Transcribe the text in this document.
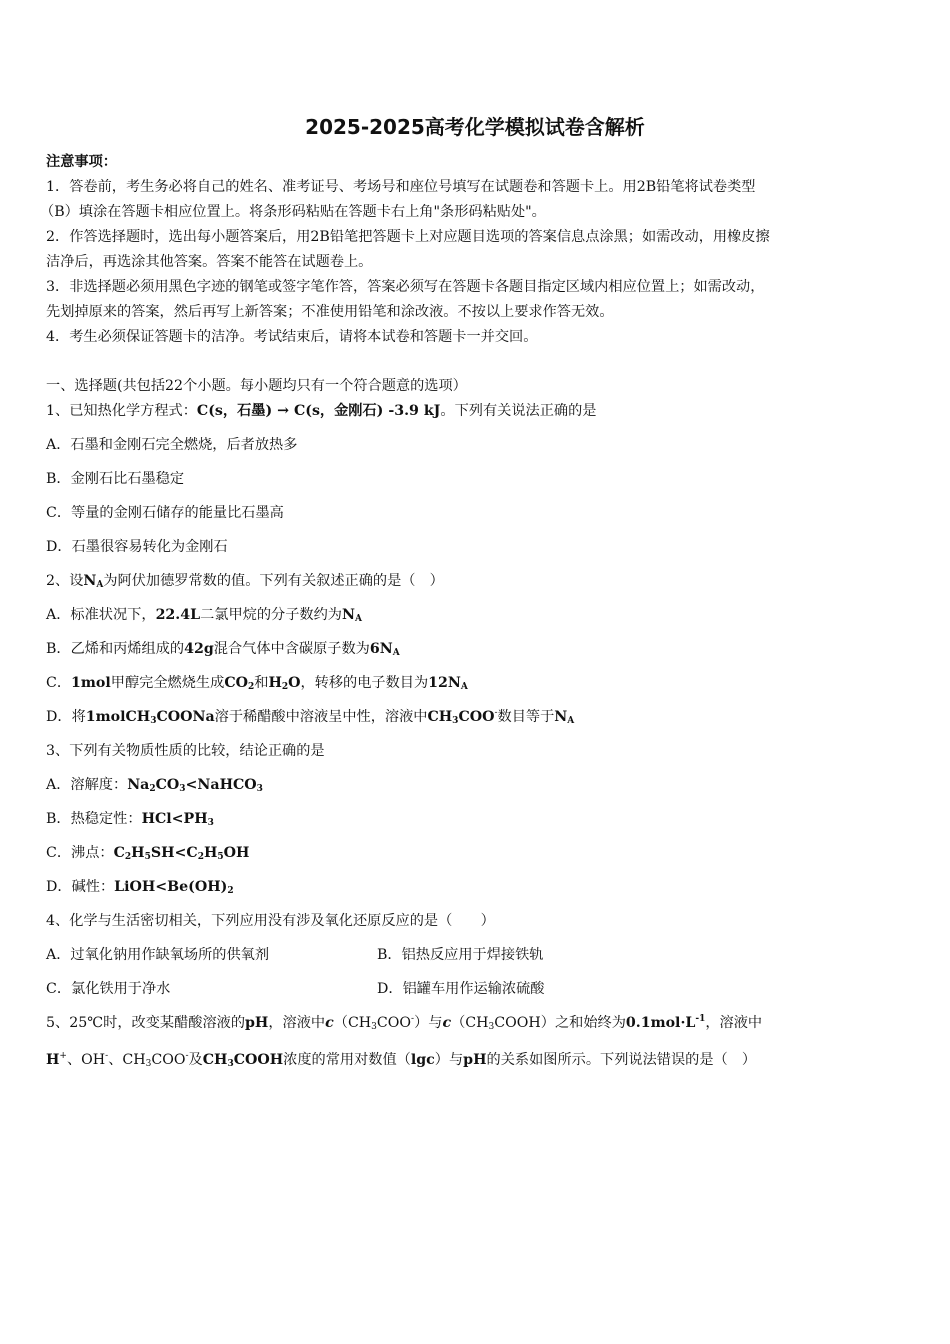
2025-2025高考化学模拟试卷含解析
注意事项：
1．答卷前，考生务必将自己的姓名、准考证号、考场号和座位号填写在试题卷和答题卡上。用2B铅笔将试卷类型
（B）填涂在答题卡相应位置上。将条形码粘贴在答题卡右上角"条形码粘贴处"。
2．作答选择题时，选出每小题答案后，用2B铅笔把答题卡上对应题目选项的答案信息点涂黑；如需改动，用橡皮擦
洁净后，再选涂其他答案。答案不能答在试题卷上。
3．非选择题必须用黑色字迹的钢笔或签字笔作答，答案必须写在答题卡各题目指定区域内相应位置上；如需改动，
先划掉原来的答案，然后再写上新答案；不准使用铅笔和涂改液。不按以上要求作答无效。
4．考生必须保证答题卡的洁净。考试结束后，请将本试卷和答题卡一并交回。
一、选择题(共包括22个小题。每小题均只有一个符合题意的选项）
1、已知热化学方程式：C(s，石墨) → C(s，金刚石) -3.9 kJ。下列有关说法正确的是
A．石墨和金刚石完全燃烧，后者放热多
B．金刚石比石墨稳定
C．等量的金刚石储存的能量比石墨高
D．石墨很容易转化为金刚石
2、设$N_A$为阿伏加德罗常数的值。下列有关叙述正确的是（　）
A．标准状况下，22.4L二氯甲烷的分子数约为$N_A$
B．乙烯和丙烯组成的42g混合气体中含碳原子数为$6N_A$
C．1mol甲醇完全燃烧生成$CO_2$和$H_2O$，转移的电子数目为$12N_A$
D．将1molCH$_3$COONa溶于稀醋酸中溶液呈中性，溶液中$CH_3COO^-$数目等于$N_A$
3、下列有关物质性质的比较，结论正确的是
A．溶解度：$Na_2CO_3<NaHCO_3$
B．热稳定性：$HCl<PH_3$
C．沸点：$C_2H_5SH<C_2H_5OH$
D．碱性：$LiOH<Be(OH)_2$
4、化学与生活密切相关，下列应用没有涉及氧化还原反应的是（　　）
A．过氧化钠用作缺氧场所的供氧剂	B．铝热反应用于焊接铁轨
C．氯化铁用于净水	D．铝罐车用作运输浓硫酸
5、25℃时，改变某醋酸溶液的pH，溶液中$c(CH_3COO^-)$与$c(CH_3COOH)$之和始终为$0.1mol\cdot L^{-1}$，溶液中
H+、OH-、$CH_3COO^-$及$CH_3COOH$浓度的常用对数值（lgc）与pH的关系如图所示。下列说法错误的是（　）
